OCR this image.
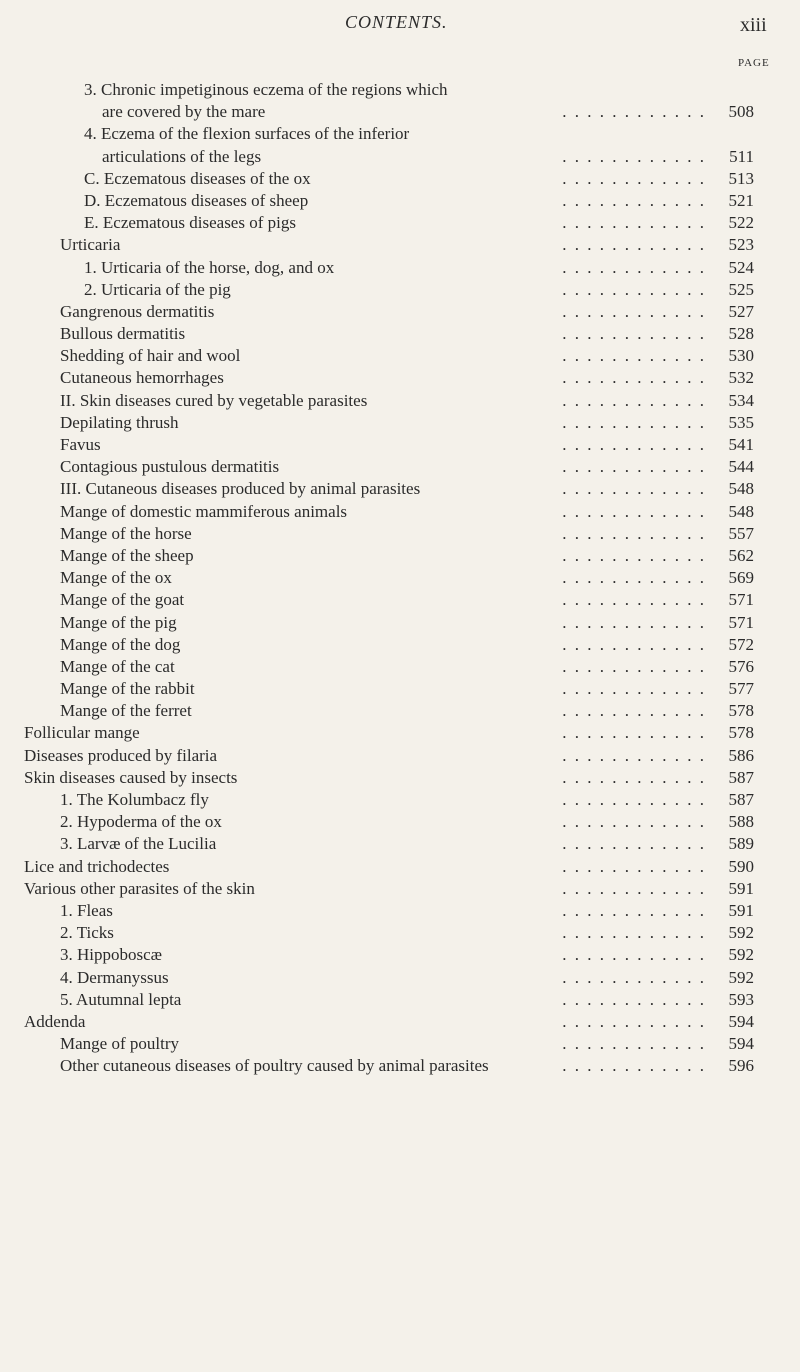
CONTENTS.	xiii
PAGE
3. Chronic impetiginous eczema of the regions which
are covered by the mare	. . . . . . . . . . . .	508
4. Eczema of the flexion surfaces of the inferior
articulations of the legs	. . . . . . . . . . . .	511
C. Eczematous diseases of the ox	. . . . . . . . . . . .	513
D. Eczematous diseases of sheep	. . . . . . . . . . . .	521
E. Eczematous diseases of pigs	. . . . . . . . . . . .	522
Urticaria	. . . . . . . . . . . .	523
1. Urticaria of the horse, dog, and ox	. . . . . . . . . . . .	524
2. Urticaria of the pig	. . . . . . . . . . . .	525
Gangrenous dermatitis	. . . . . . . . . . . .	527
Bullous dermatitis	. . . . . . . . . . . .	528
Shedding of hair and wool	. . . . . . . . . . . .	530
Cutaneous hemorrhages	. . . . . . . . . . . .	532
II. Skin diseases cured by vegetable parasites	. . . . . . . . . . . .	534
Depilating thrush	. . . . . . . . . . . .	535
Favus	. . . . . . . . . . . .	541
Contagious pustulous dermatitis	. . . . . . . . . . . .	544
III. Cutaneous diseases produced by animal parasites	. . . . . . . . . . . .	548
Mange of domestic mammiferous animals	. . . . . . . . . . . .	548
Mange of the horse	. . . . . . . . . . . .	557
Mange of the sheep	. . . . . . . . . . . .	562
Mange of the ox	. . . . . . . . . . . .	569
Mange of the goat	. . . . . . . . . . . .	571
Mange of the pig	. . . . . . . . . . . .	571
Mange of the dog	. . . . . . . . . . . .	572
Mange of the cat	. . . . . . . . . . . .	576
Mange of the rabbit	. . . . . . . . . . . .	577
Mange of the ferret	. . . . . . . . . . . .	578
Follicular mange	. . . . . . . . . . . .	578
Diseases produced by filaria	. . . . . . . . . . . .	586
Skin diseases caused by insects	. . . . . . . . . . . .	587
1. The Kolumbacz fly	. . . . . . . . . . . .	587
2. Hypoderma of the ox	. . . . . . . . . . . .	588
3. Larvæ of the Lucilia	. . . . . . . . . . . .	589
Lice and trichodectes	. . . . . . . . . . . .	590
Various other parasites of the skin	. . . . . . . . . . . .	591
1. Fleas	. . . . . . . . . . . .	591
2. Ticks	. . . . . . . . . . . .	592
3. Hippoboscæ	. . . . . . . . . . . .	592
4. Dermanyssus	. . . . . . . . . . . .	592
5. Autumnal lepta	. . . . . . . . . . . .	593
Addenda	. . . . . . . . . . . .	594
Mange of poultry	. . . . . . . . . . . .	594
Other cutaneous diseases of poultry caused by animal parasites	. . . . . . . . . . . .	596
